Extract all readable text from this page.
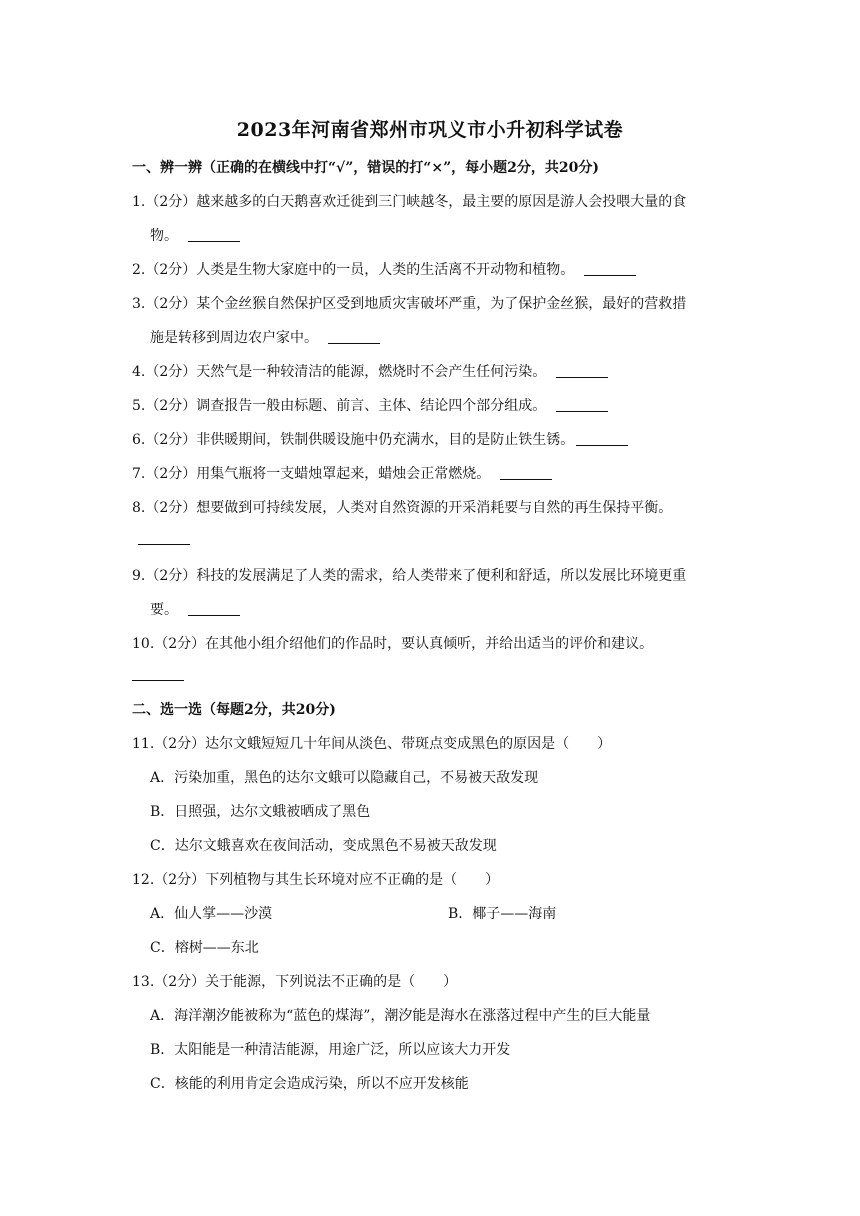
2023年河南省郑州市巩义市小升初科学试卷
一、辨一辨（正确的在横线中打“√”，错误的打“×”，每小题2分，共20分)
1.（2分）越来越多的白天鹅喜欢迁徙到三门峡越冬，最主要的原因是游人会投喂大量的食
物。
2.（2分）人类是生物大家庭中的一员，人类的生活离不开动物和植物。
3.（2分）某个金丝猴自然保护区受到地质灾害破坏严重，为了保护金丝猴，最好的营救措
施是转移到周边农户家中。
4.（2分）天然气是一种较清洁的能源，燃烧时不会产生任何污染。
5.（2分）调查报告一般由标题、前言、主体、结论四个部分组成。
6.（2分）非供暖期间，铁制供暖设施中仍充满水，目的是防止铁生锈。
7.（2分）用集气瓶将一支蜡烛罩起来，蜡烛会正常燃烧。
8.（2分）想要做到可持续发展，人类对自然资源的开采消耗要与自然的再生保持平衡。
9.（2分）科技的发展满足了人类的需求，给人类带来了便利和舒适，所以发展比环境更重
要。
10.（2分）在其他小组介绍他们的作品时，要认真倾听，并给出适当的评价和建议。
二、选一选（每题2分，共20分)
11.（2分）达尔文蛾短短几十年间从淡色、带斑点变成黑色的原因是（　　）
A．污染加重，黑色的达尔文蛾可以隐藏自己，不易被天敌发现
B．日照强，达尔文蛾被晒成了黑色
C．达尔文蛾喜欢在夜间活动，变成黑色不易被天敌发现
12.（2分）下列植物与其生长环境对应不正确的是（　　）
A．仙人掌——沙漠	B．椰子——海南
C．榕树——东北
13.（2分）关于能源，下列说法不正确的是（　　）
A．海洋潮汐能被称为“蓝色的煤海”，潮汐能是海水在涨落过程中产生的巨大能量
B．太阳能是一种清洁能源，用途广泛，所以应该大力开发
C．核能的利用肯定会造成污染，所以不应开发核能
